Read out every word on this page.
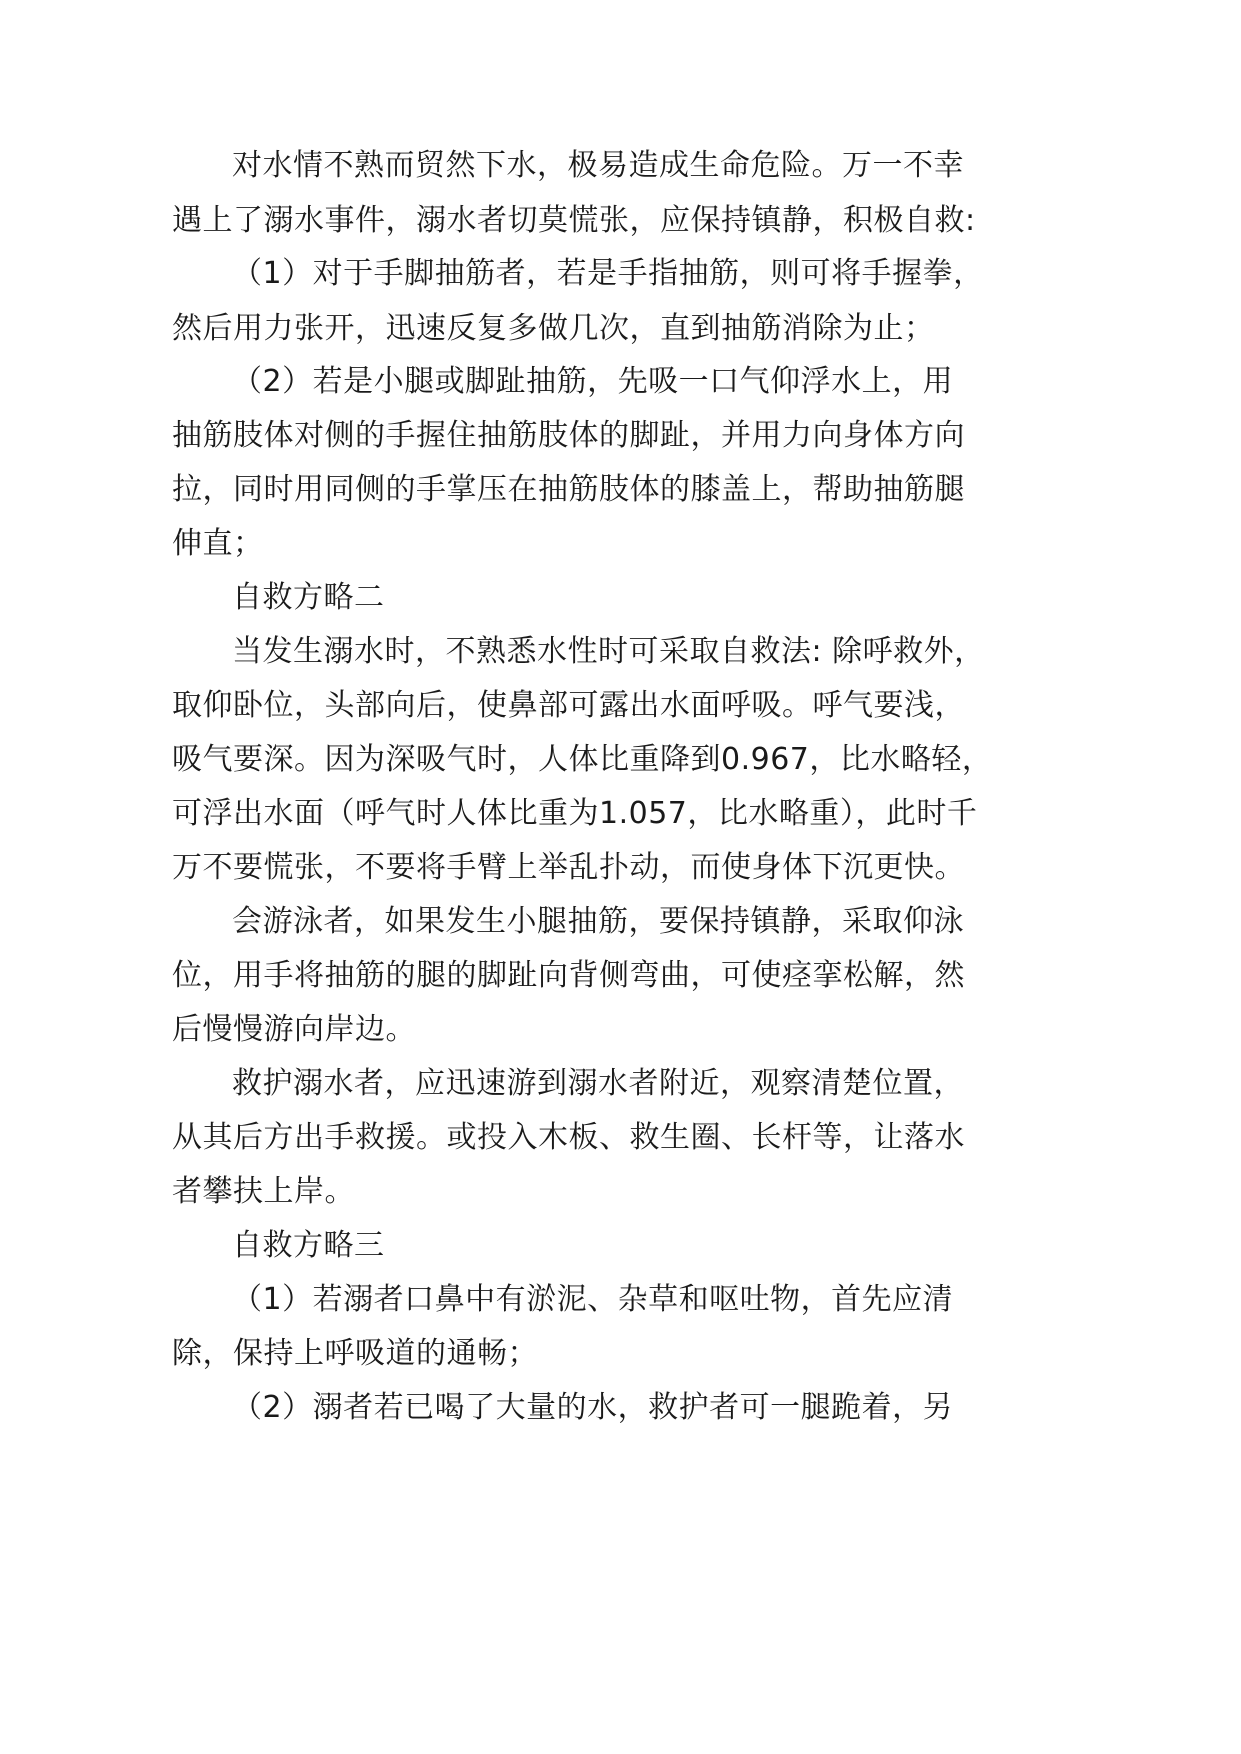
对水情不熟而贸然下水，极易造成生命危险。万一不幸
遇上了溺水事件，溺水者切莫慌张，应保持镇静，积极自救:
（1）对于手脚抽筋者，若是手指抽筋，则可将手握拳，
然后用力张开，迅速反复多做几次，直到抽筋消除为止；
（2）若是小腿或脚趾抽筋，先吸一口气仰浮水上，用
抽筋肢体对侧的手握住抽筋肢体的脚趾，并用力向身体方向
拉，同时用同侧的手掌压在抽筋肢体的膝盖上，帮助抽筋腿
伸直；
自救方略二
当发生溺水时，不熟悉水性时可采取自救法: 除呼救外，
取仰卧位，头部向后，使鼻部可露出水面呼吸。呼气要浅，
吸气要深。因为深吸气时，人体比重降到0.967，比水略轻，
可浮出水面（呼气时人体比重为1.057，比水略重），此时千
万不要慌张，不要将手臂上举乱扑动，而使身体下沉更快。
会游泳者，如果发生小腿抽筋，要保持镇静，采取仰泳
位，用手将抽筋的腿的脚趾向背侧弯曲，可使痉挛松解，然
后慢慢游向岸边。
救护溺水者，应迅速游到溺水者附近，观察清楚位置，
从其后方出手救援。或投入木板、救生圈、长杆等，让落水
者攀扶上岸。
自救方略三
（1）若溺者口鼻中有淤泥、杂草和呕吐物，首先应清
除，保持上呼吸道的通畅；
（2）溺者若已喝了大量的水，救护者可一腿跪着，另
